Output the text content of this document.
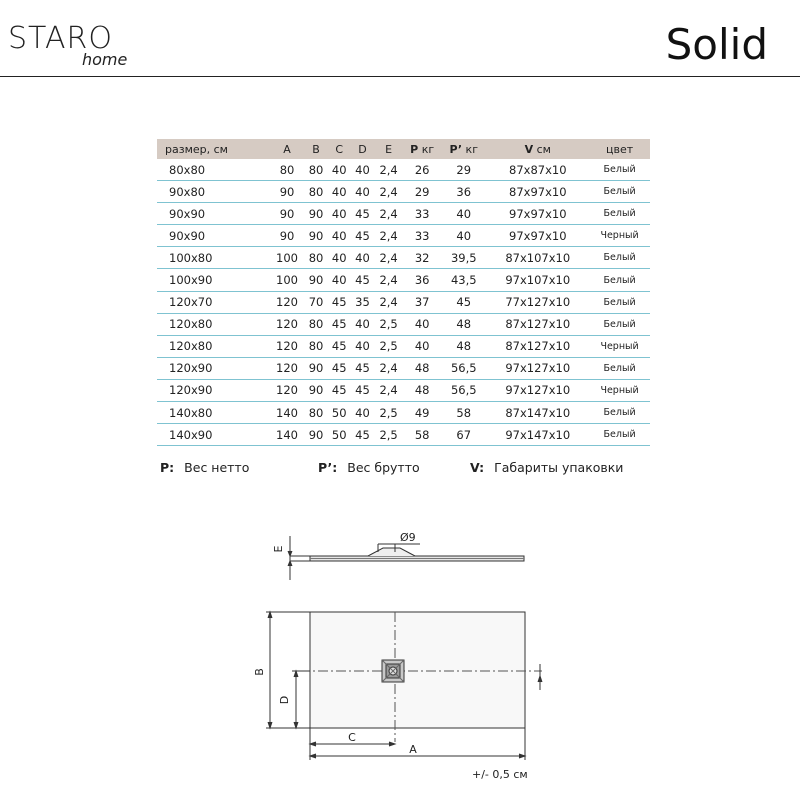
STARO
home	Solid
размер, см	A	B	C	D	E	P кг	P’ кг	V см	цвет
80x80	80	80	40	40	2,4	26	29	87x87x10	Белый
90x80	90	80	40	40	2,4	29	36	87x97x10	Белый
90x90	90	90	40	45	2,4	33	40	97x97x10	Белый
90x90	90	90	40	45	2,4	33	40	97x97x10	Черный
100x80	100	80	40	40	2,4	32	39,5	87x107x10	Белый
100x90	100	90	40	45	2,4	36	43,5	97x107x10	Белый
120x70	120	70	45	35	2,4	37	45	77x127x10	Белый
120x80	120	80	45	40	2,5	40	48	87x127x10	Белый
120x80	120	80	45	40	2,5	40	48	87x127x10	Черный
120x90	120	90	45	45	2,4	48	56,5	97x127x10	Белый
120x90	120	90	45	45	2,4	48	56,5	97x127x10	Черный
140x80	140	80	50	40	2,5	49	58	87x147x10	Белый
140x90	140	90	50	45	2,5	58	67	97x147x10	Белый
P: Вес нетто	P’: Вес брутто	V: Габариты упаковки
E
Ø9
B
D
C
A
+/- 0,5 см
